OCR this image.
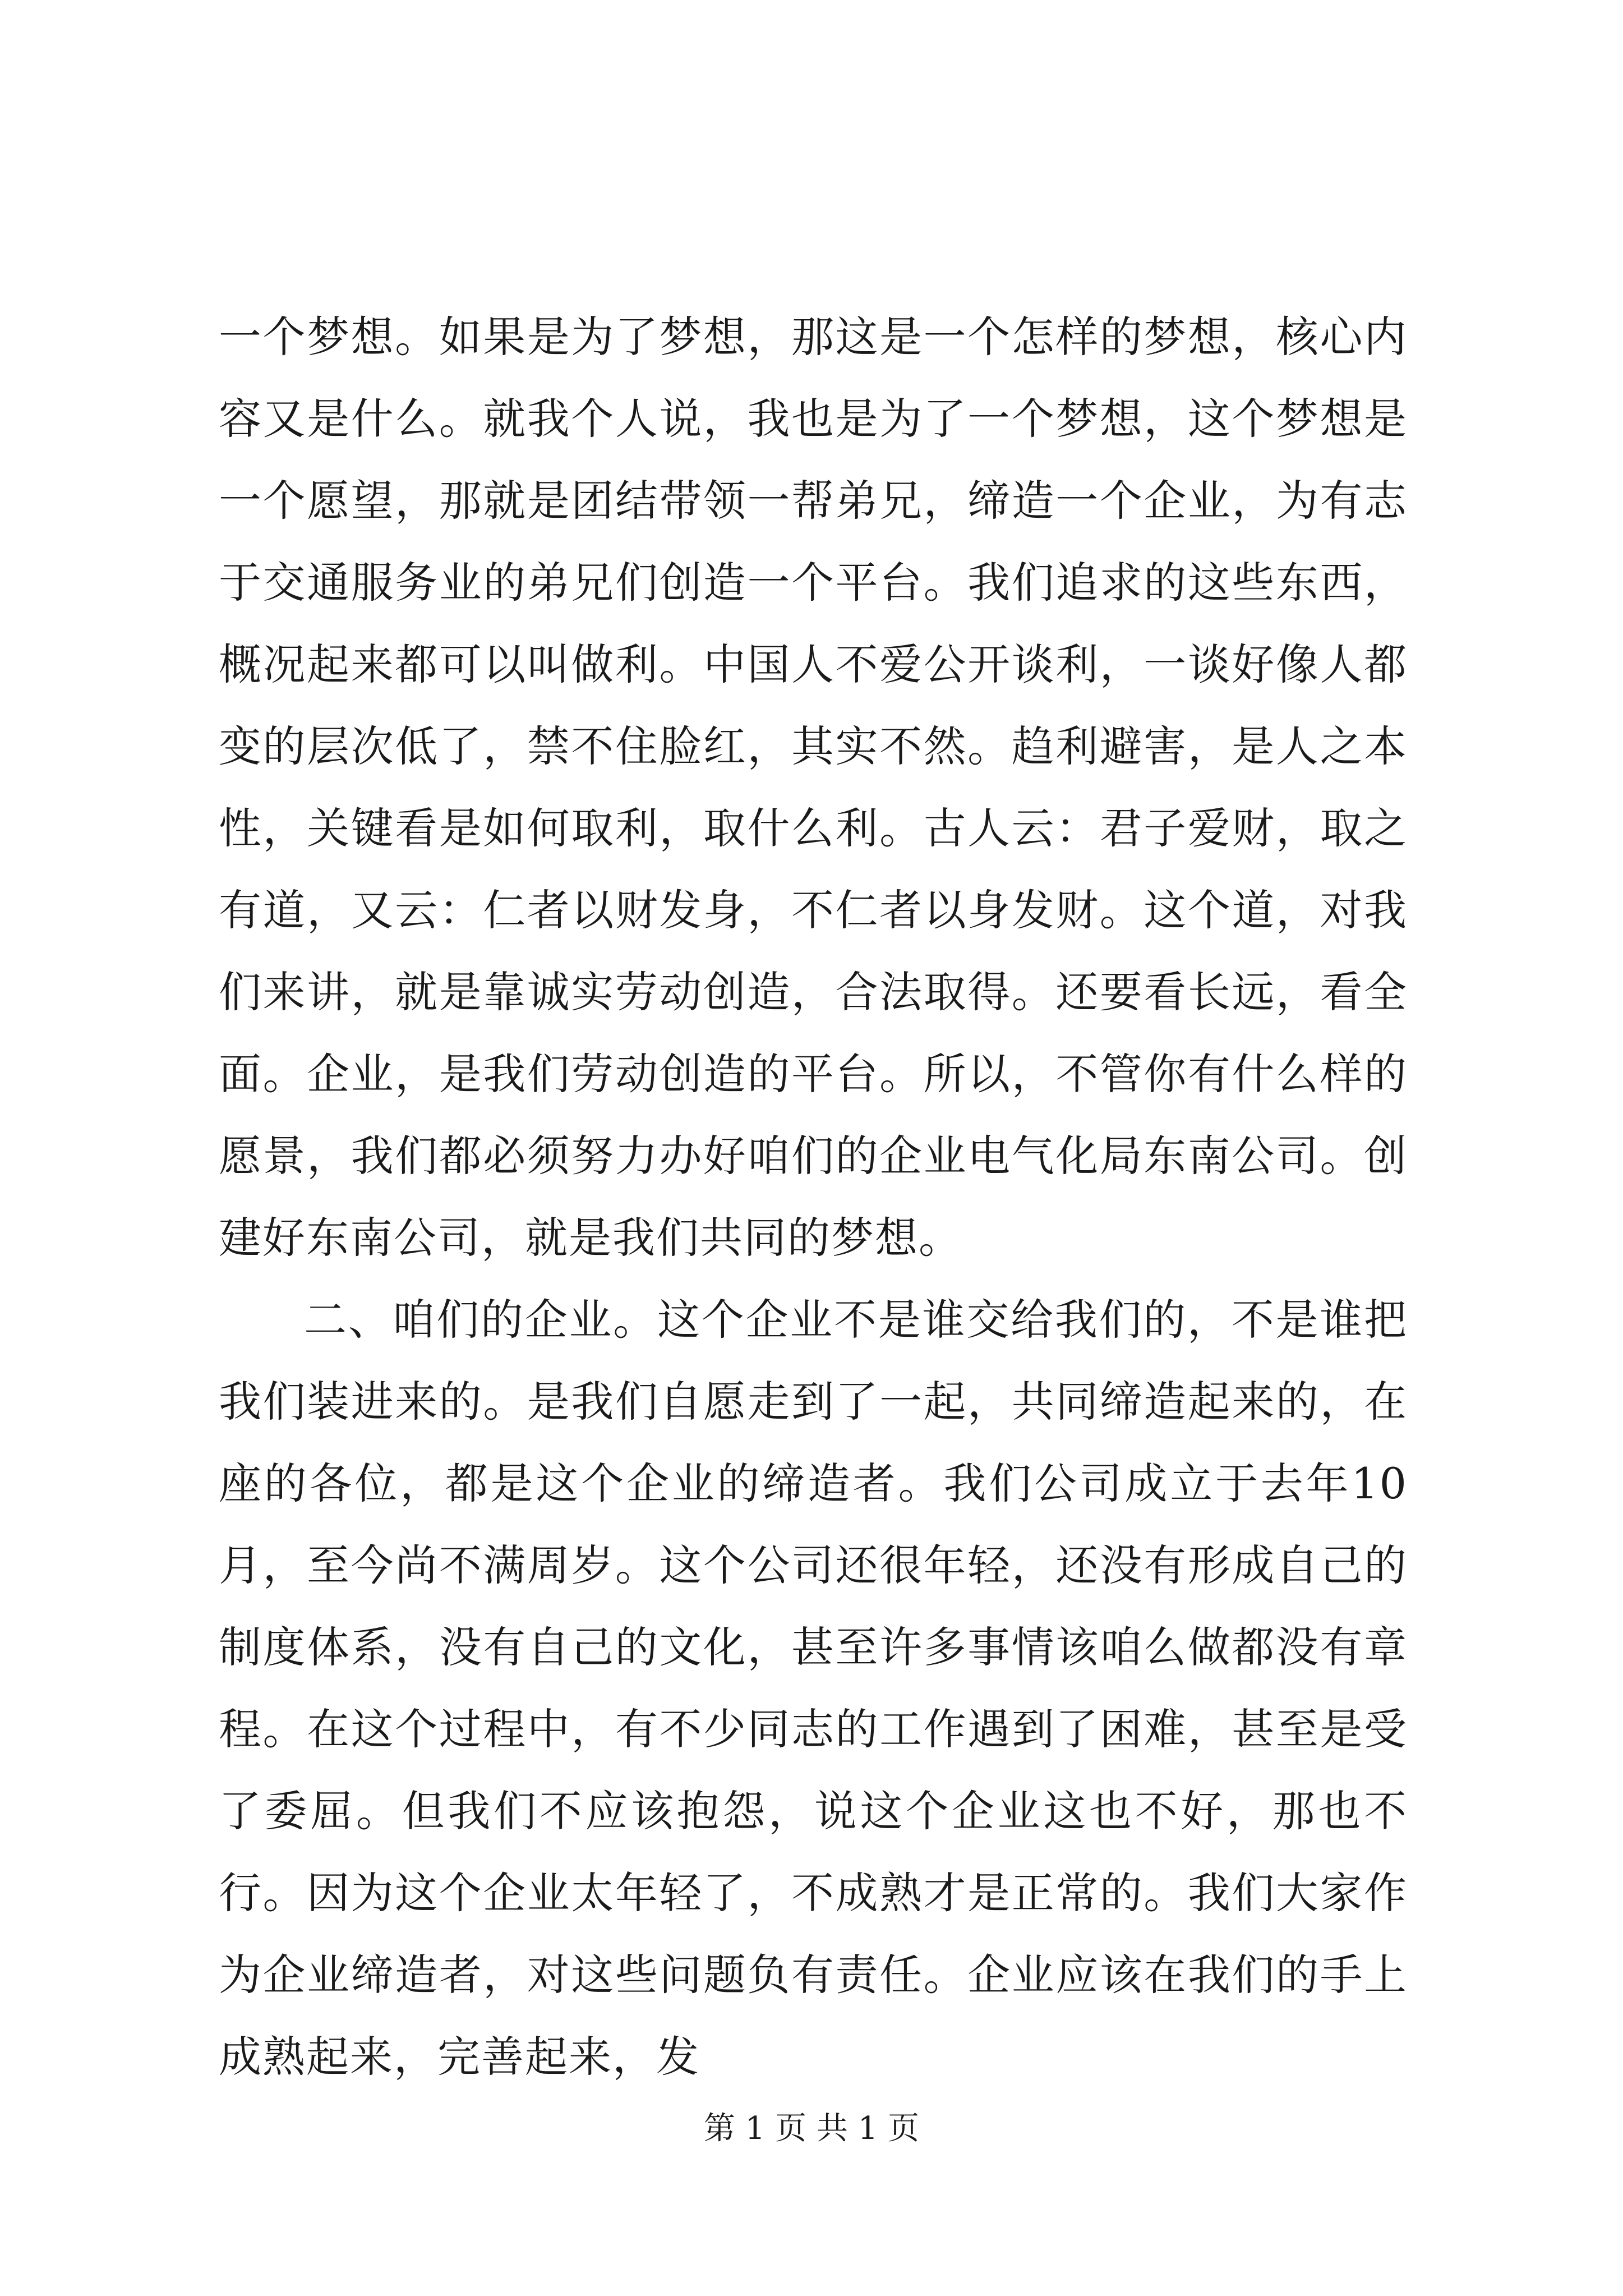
一个梦想。如果是为了梦想，那这是一个怎样的梦想，核心内容又是什么。就我个人说，我也是为了一个梦想，这个梦想是一个愿望，那就是团结带领一帮弟兄，缔造一个企业，为有志于交通服务业的弟兄们创造一个平台。我们追求的这些东西，概况起来都可以叫做利。中国人不爱公开谈利，一谈好像人都变的层次低了，禁不住脸红，其实不然。趋利避害，是人之本性，关键看是如何取利，取什么利。古人云：君子爱财，取之有道，又云：仁者以财发身，不仁者以身发财。这个道，对我们来讲，就是靠诚实劳动创造，合法取得。还要看长远，看全面。企业，是我们劳动创造的平台。所以，不管你有什么样的愿景，我们都必须努力办好咱们的企业电气化局东南公司。创建好东南公司，就是我们共同的梦想。

二、咱们的企业。这个企业不是谁交给我们的，不是谁把我们装进来的。是我们自愿走到了一起，共同缔造起来的，在座的各位，都是这个企业的缔造者。我们公司成立于去年10月，至今尚不满周岁。这个公司还很年轻，还没有形成自己的制度体系，没有自己的文化，甚至许多事情该咱么做都没有章程。在这个过程中，有不少同志的工作遇到了困难，甚至是受了委屈。但我们不应该抱怨，说这个企业这也不好，那也不行。因为这个企业太年轻了，不成熟才是正常的。我们大家作为企业缔造者，对这些问题负有责任。企业应该在我们的手上成熟起来，完善起来，发

第 1 页 共 1 页
